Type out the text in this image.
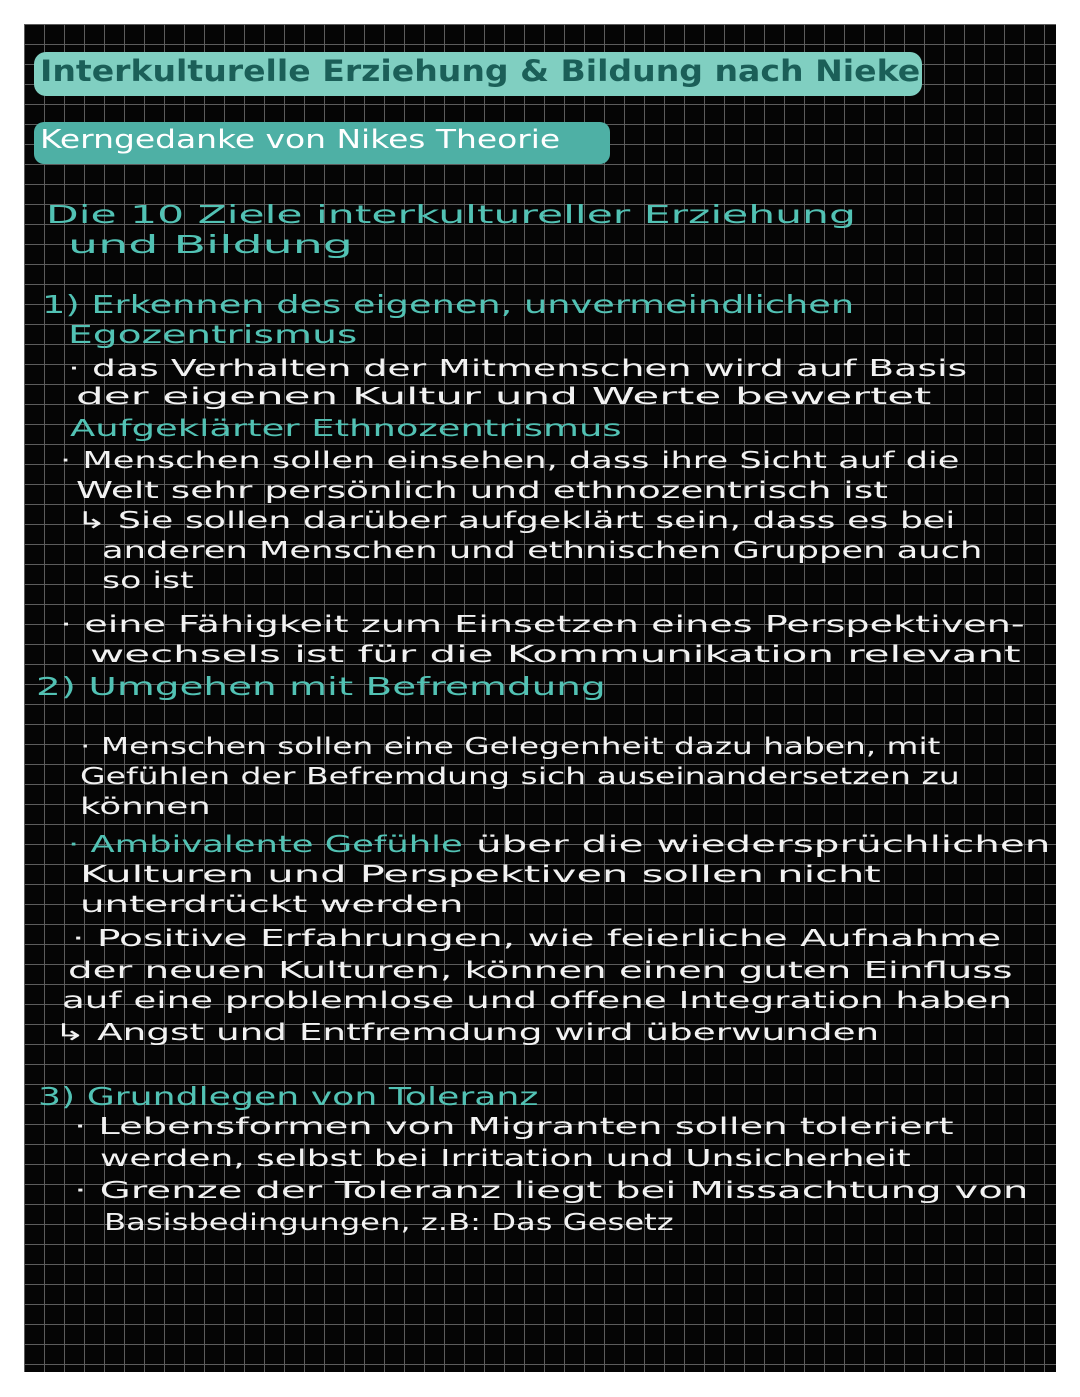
Interkulturelle Erziehung & Bildung nach Nieke

Kerngedanke von Nikes Theorie

Die 10 Ziele interkultureller Erziehung

und Bildung

1) Erkennen des eigenen, unvermeindlichen

Egozentrismus

· das Verhalten der Mitmenschen wird auf Basis

der eigenen Kultur und Werte bewertet

Aufgeklärter Ethnozentrismus

· Menschen sollen einsehen, dass ihre Sicht auf die

Welt sehr persönlich und ethnozentrisch ist

↳ Sie sollen darüber aufgeklärt sein, dass es bei

anderen Menschen und ethnischen Gruppen auch

so ist

· eine Fähigkeit zum Einsetzen eines Perspektiven-

wechsels ist für die Kommunikation relevant

2) Umgehen mit Befremdung

· Menschen sollen eine Gelegenheit dazu haben, mit

Gefühlen der Befremdung sich auseinandersetzen zu

können

· Ambivalente Gefühle über die wiedersprüchlichen

Kulturen und Perspektiven sollen nicht

unterdrückt werden

· Positive Erfahrungen, wie feierliche Aufnahme

der neuen Kulturen, können einen guten Einfluss

auf eine problemlose und offene Integration haben

↳ Angst und Entfremdung wird überwunden

3) Grundlegen von Toleranz

· Lebensformen von Migranten sollen toleriert

werden, selbst bei Irritation und Unsicherheit

· Grenze der Toleranz liegt bei Missachtung von

Basisbedingungen, z.B: Das Gesetz
